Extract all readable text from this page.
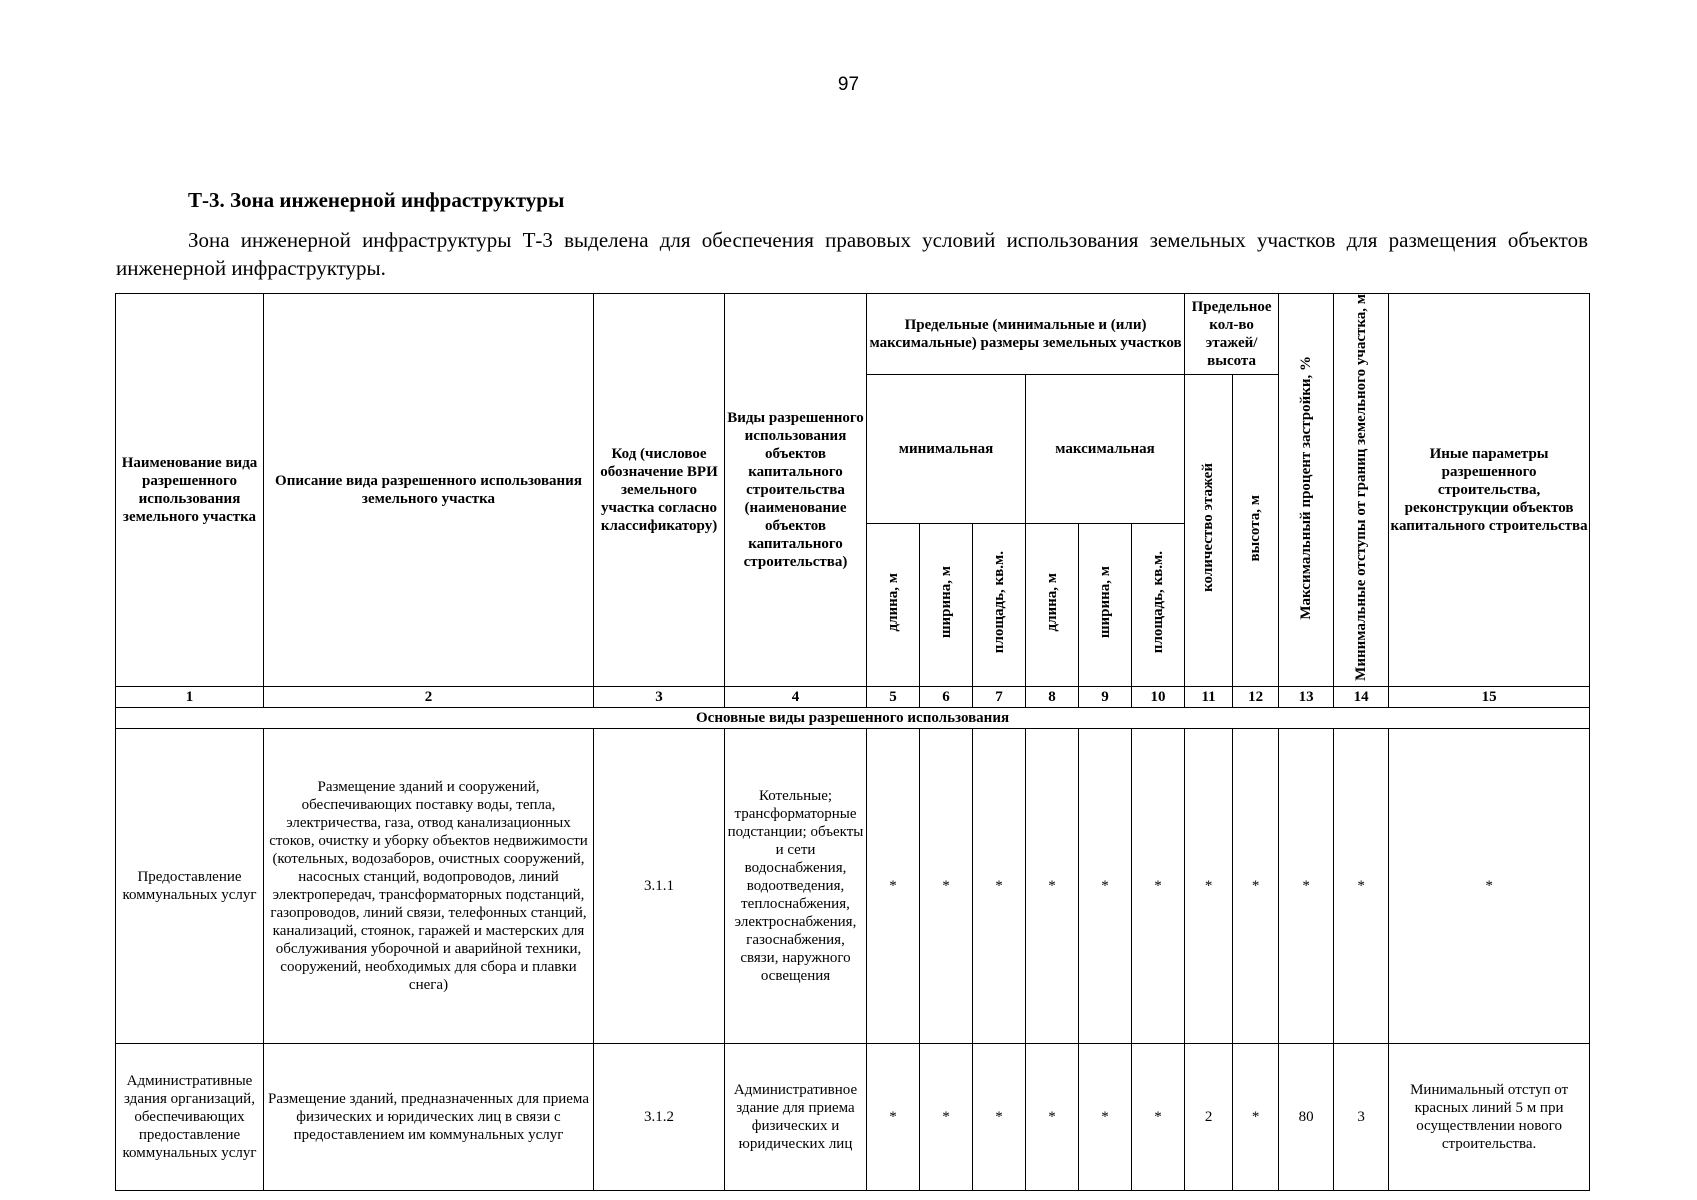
97
Т-3. Зона инженерной инфраструктуры
Зона инженерной инфраструктуры Т-3 выделена для обеспечения правовых условий использования земельных участков для размещения объектов инженерной инфраструктуры.
Наименование вида разрешенного использования земельного участка	Описание вида разрешенного использования земельного участка	Код (числовое обозначение ВРИ земельного участка согласно классификатору)	Виды разрешенного использования объектов капитального строительства (наименование объектов капитального строительства)	Предельные (минимальные и (или) максимальные) размеры земельных участков						Предельное кол-во этажей/ высота		Максимальный процент застройки, %	Минимальные отступы от границ земельного участка, м	Иные параметры разрешенного строительства, реконструкции объектов капитального строительства
				минимальная			максимальная			количество этажей	высота, м			
				длина, м	ширина, м	площадь, кв.м.	длина, м	ширина, м	площадь, кв.м.					
1	2	3	4	5	6	7	8	9	10	11	12	13	14	15
Основные виды разрешенного использования														
Предоставление коммунальных услуг	Размещение зданий и сооружений, обеспечивающих поставку воды, тепла, электричества, газа, отвод канализационных стоков, очистку и уборку объектов недвижимости (котельных, водозаборов, очистных сооружений, насосных станций, водопроводов, линий электропередач, трансформаторных подстанций, газопроводов, линий связи, телефонных станций, канализаций, стоянок, гаражей и мастерских для обслуживания уборочной и аварийной техники, сооружений, необходимых для сбора и плавки снега)	3.1.1	Котельные; трансформаторные подстанции; объекты и сети водоснабжения, водоотведения, теплоснабжения, электроснабжения, газоснабжения, связи, наружного освещения	*	*	*	*	*	*	*	*	*	*	*
Административные здания организаций, обеспечивающих предоставление коммунальных услуг	Размещение зданий, предназначенных для приема физических и юридических лиц в связи с предоставлением им коммунальных услуг	3.1.2	Административное здание для приема физических и юридических лиц	*	*	*	*	*	*	2	*	80	3	Минимальный отступ от красных линий 5 м при осуществлении нового строительства.
